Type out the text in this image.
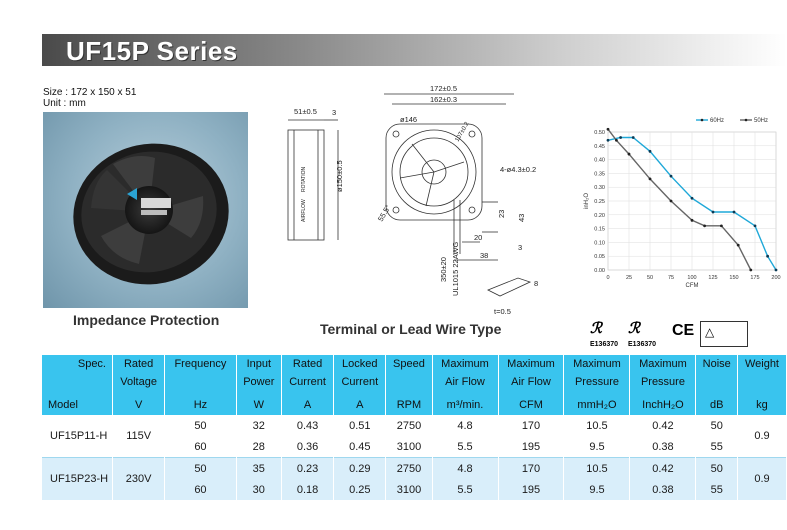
UF15P Series
Size : 172 x 150 x 51
Unit : mm
Impedance Protection
51±0.5 3
ø150±0.5
ROTATION
AIRFLOW
172±0.5
162±0.3
ø146
107±0.2
4-ø4.3±0.2
55.5°	23 43
20
38
350±20 UL1015 22AWG	3
8
t=0.5
Terminal or Lead Wire Type
0.00
0.05
0.10
0.15
0.20
0.25
0.30
0.35
0.40
0.45
0.50
0	25	50	75 100 125 150 175 200
CFM
inH₂O
60Hz	50Hz
ℛ
E136370
ℛ
E136370
CE △
Spec.	Rated	Frequency	Input	Rated	Locked	Speed	Maximum	Maximum	Maximum	Maximum	Noise	Weight
	Voltage		Power	Current	Current		Air Flow	Air Flow	Pressure	Pressure		
Model	V	Hz	W	A	A	RPM	m³/min.	CFM	mmH₂O	InchH₂O	dB	kg
UF15P11-H	115V	50	32	0.43	0.51	2750	4.8	170	10.5	0.42	50	0.9
		60	28	0.36	0.45	3100	5.5	195	9.5	0.38	55	
UF15P23-H	230V	50	35	0.23	0.29	2750	4.8	170	10.5	0.42	50	0.9
		60	30	0.18	0.25	3100	5.5	195	9.5	0.38	55	
